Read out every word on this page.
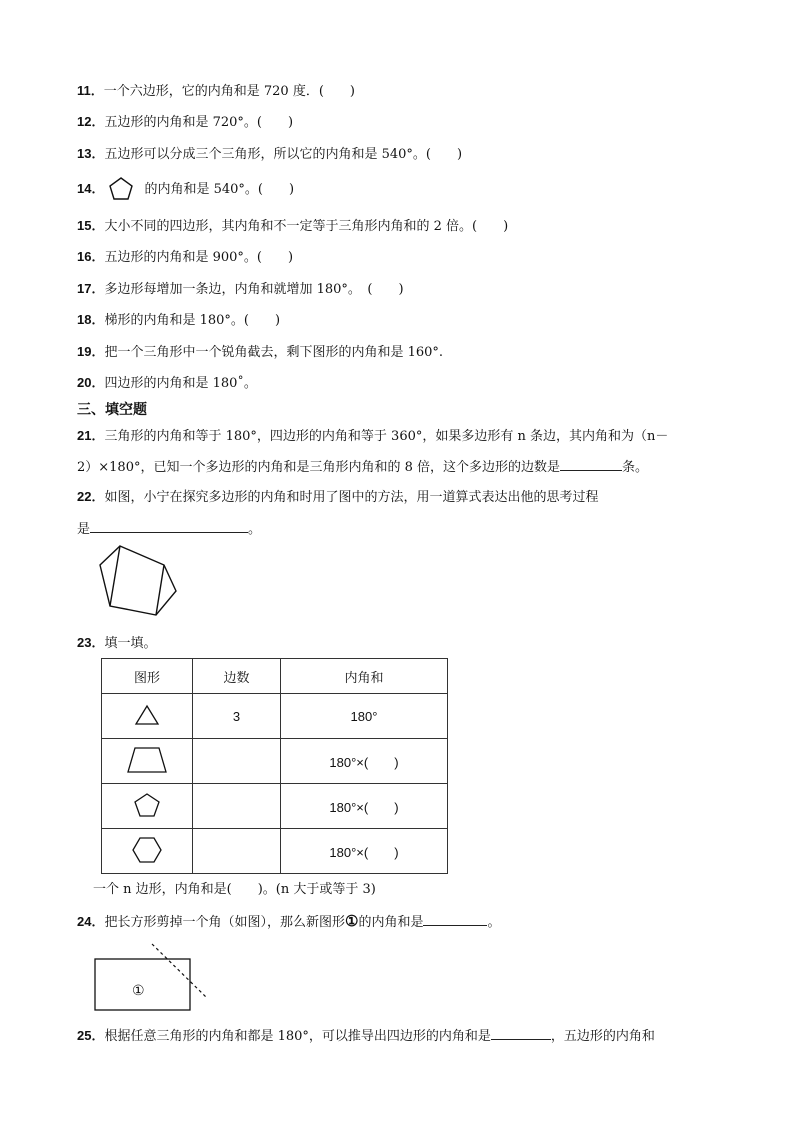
11．一个六边形，它的内角和是 720 度．(　　)
12．五边形的内角和是 720°。(　　)
13．五边形可以分成三个三角形，所以它的内角和是 540°。(　　)
14．	的内角和是 540°。(　　)
15．大小不同的四边形，其内角和不一定等于三角形内角和的 2 倍。(　　)
16．五边形的内角和是 900°。(　　)
17．多边形每增加一条边，内角和就增加 180°。　(　　)
18．梯形的内角和是 180°。(　　)
19．把一个三角形中一个锐角截去，剩下图形的内角和是 160°.
20．四边形的内角和是 180˚。
三、填空题
21．三角形的内角和等于 180°，四边形的内角和等于 360°，如果多边形有 n 条边，其内角和为（n－
2）×180°，已知一个多边形的内角和是三角形内角和的 8 倍，这个多边形的边数是	条。
22．如图，小宁在探究多边形的内角和时用了图中的方法，用一道算式表达出他的思考过程
是	。
23．填一填。
图形	边数	内角和
	3	180°
		180°×(　　)
		180°×(　　)
		180°×(　　)
一个 n 边形，内角和是(　　)。(n 大于或等于 3)
24．把长方形剪掉一个角（如图），那么新图形①的内角和是	。
①
25．根据任意三角形的内角和都是 180°，可以推导出四边形的内角和是	，五边形的内角和
